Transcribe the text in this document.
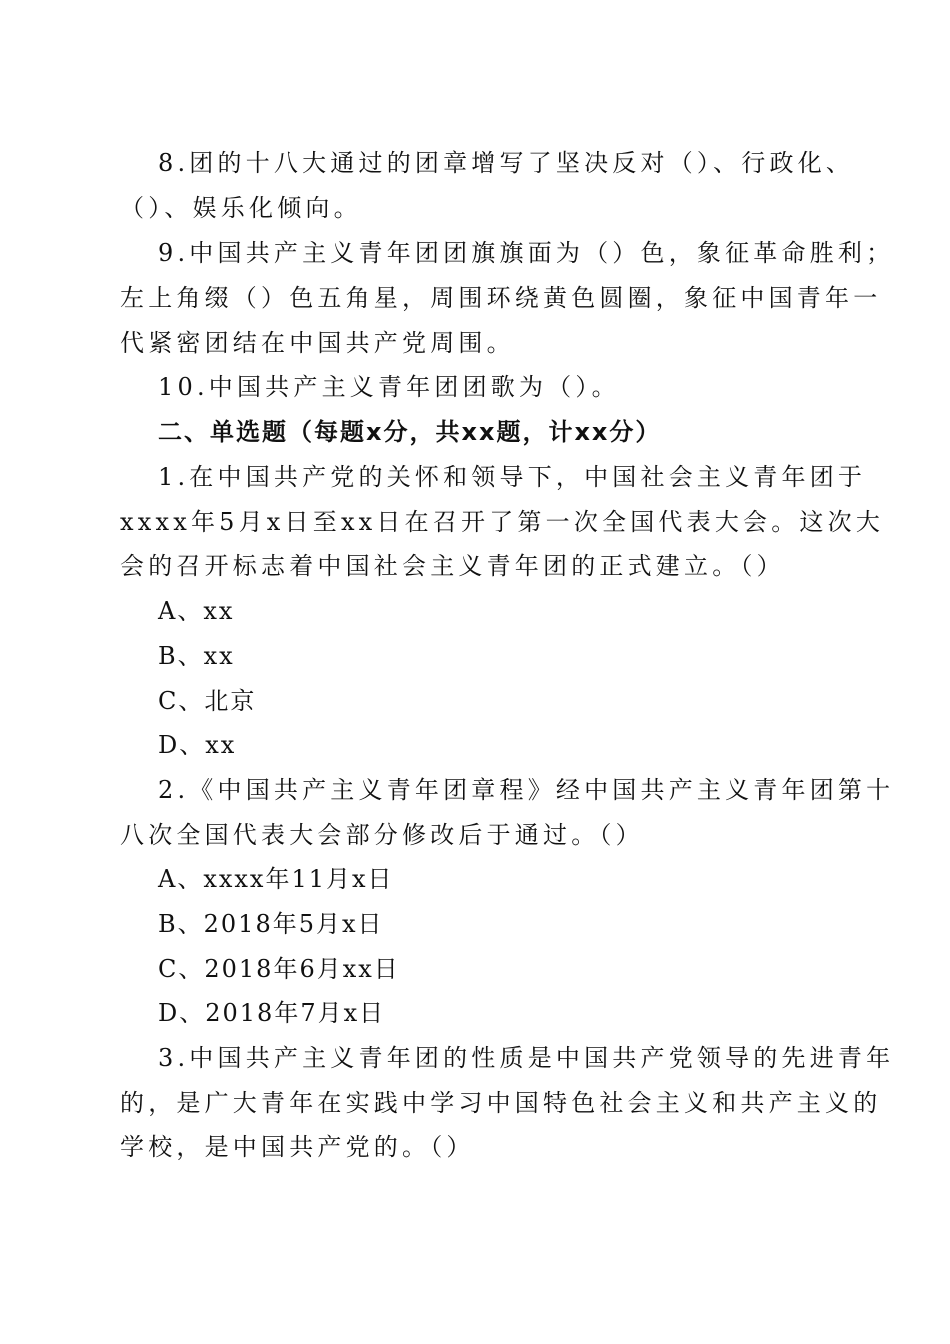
8.团的十八大通过的团章增写了坚决反对（）、行政化、
（）、娱乐化倾向。
9.中国共产主义青年团团旗旗面为（）色，象征革命胜利；
左上角缀（）色五角星，周围环绕黄色圆圈，象征中国青年一
代紧密团结在中国共产党周围。
10.中国共产主义青年团团歌为（）。
二、单选题（每题x分，共xx题，计xx分）
1.在中国共产党的关怀和领导下，中国社会主义青年团于
xxxx年5月x日至xx日在召开了第一次全国代表大会。这次大
会的召开标志着中国社会主义青年团的正式建立。（）
A、xx
B、xx
C、北京
D、xx
2.《中国共产主义青年团章程》经中国共产主义青年团第十
八次全国代表大会部分修改后于通过。（）
A、xxxx年11月x日
B、2018年5月x日
C、2018年6月xx日
D、2018年7月x日
3.中国共产主义青年团的性质是中国共产党领导的先进青年
的，是广大青年在实践中学习中国特色社会主义和共产主义的
学校，是中国共产党的。（）
